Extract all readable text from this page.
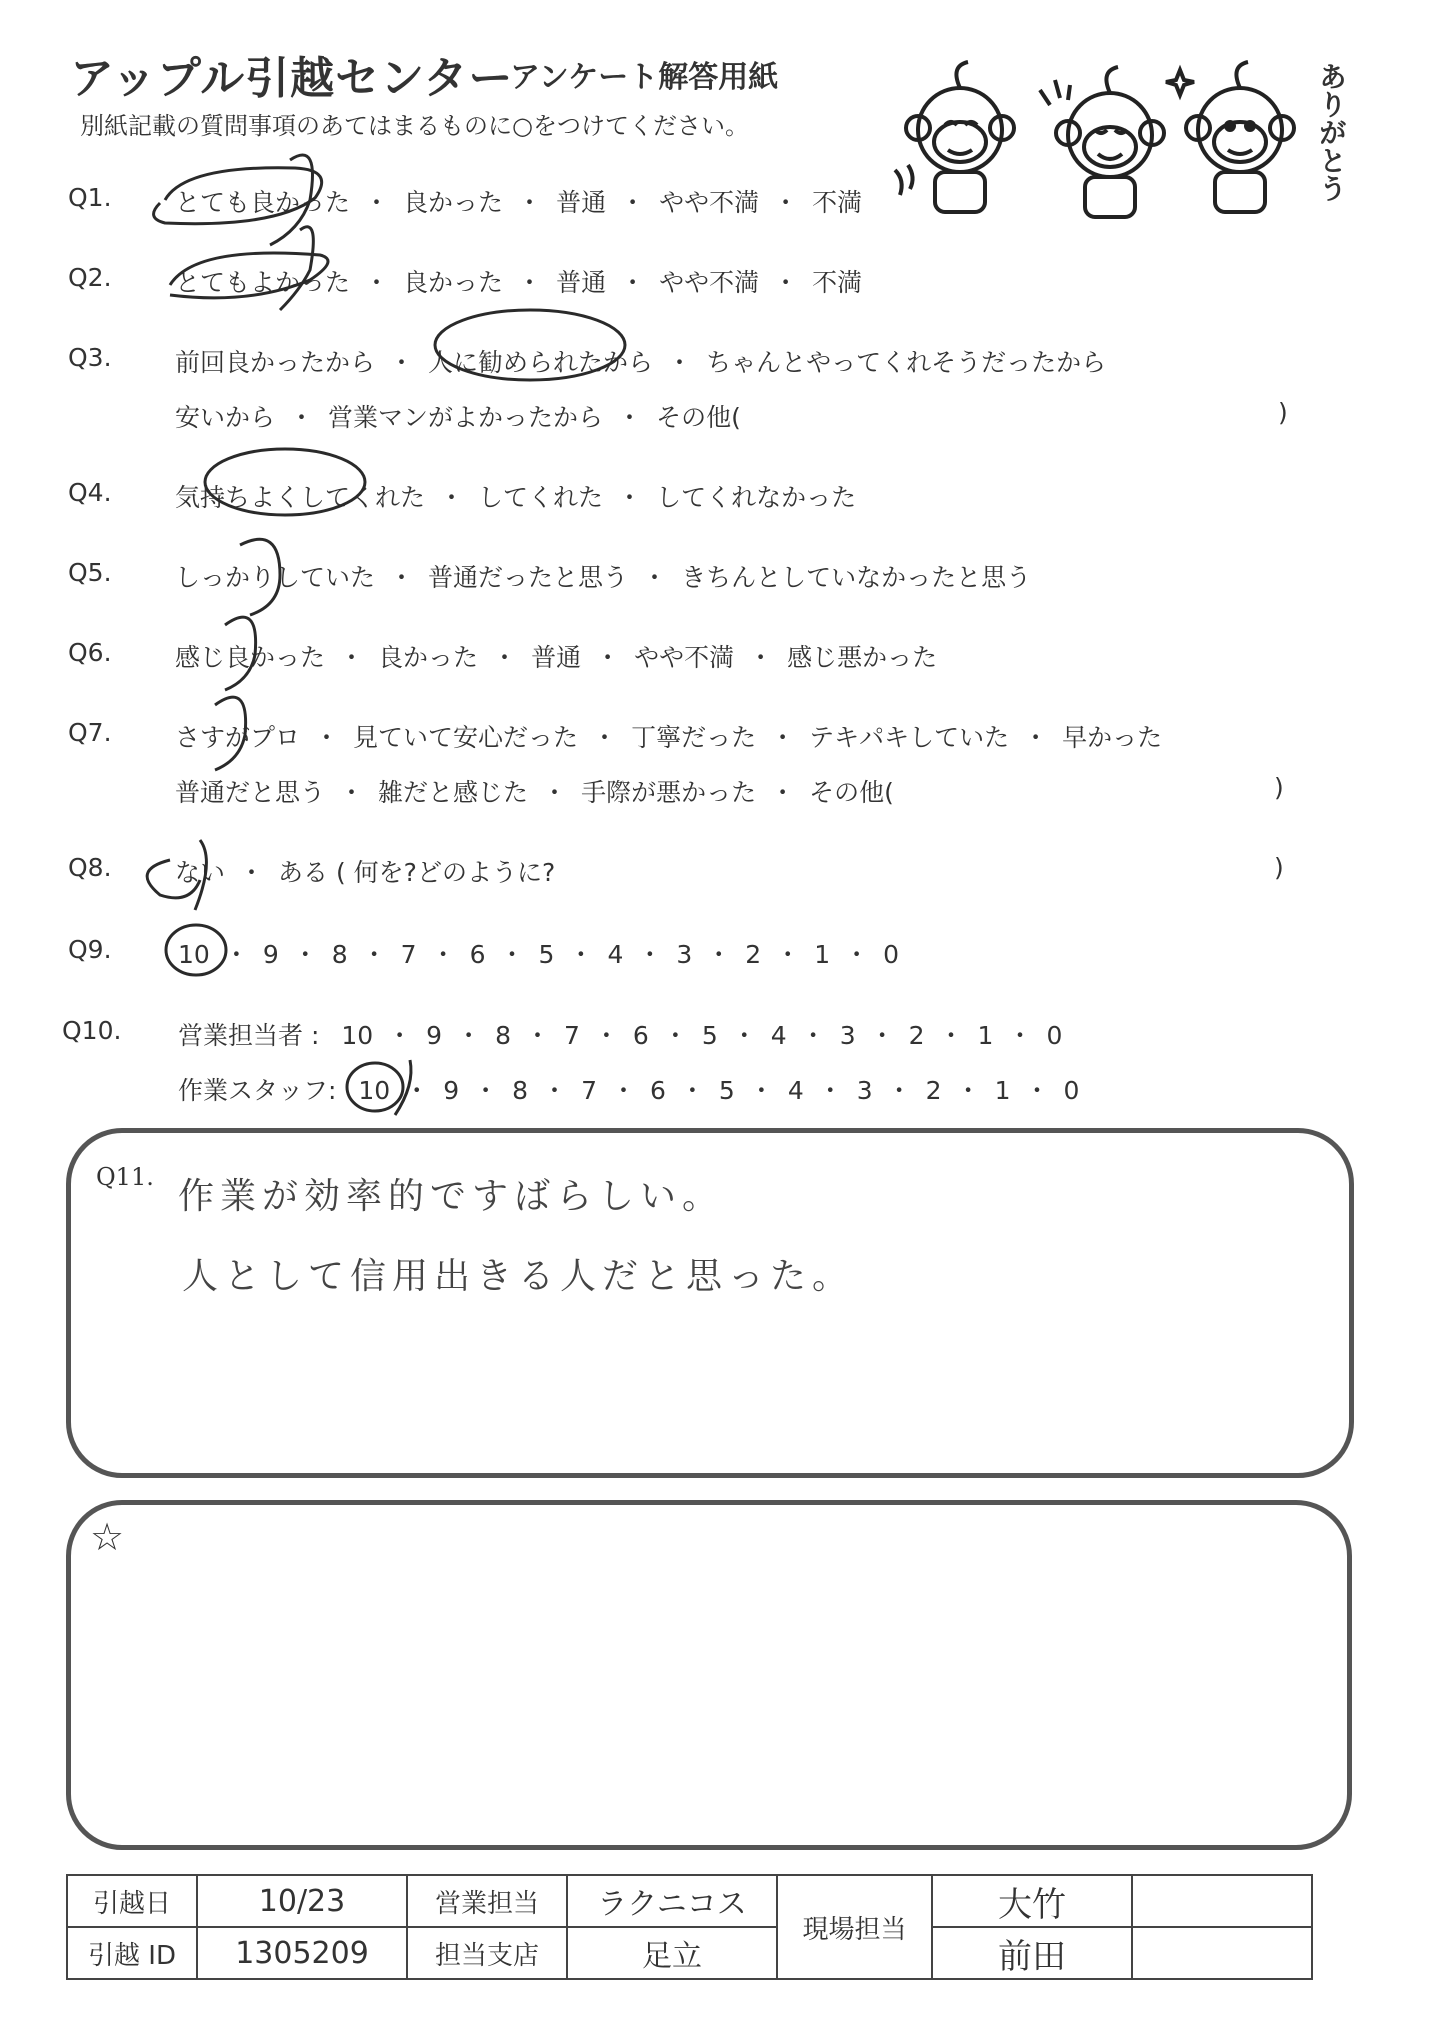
アップル引越センター
アンケート解答用紙
別紙記載の質問事項のあてはまるものに○をつけてください。	ありがとう
Q1.	とても良かった ・ 良かった ・ 普通 ・ やや不満 ・ 不満
Q2.	とてもよかった ・ 良かった ・ 普通 ・ やや不満 ・ 不満
Q3.	前回良かったから ・ 人に勧められたから ・ ちゃんとやってくれそうだったから
安いから ・ 営業マンがよかったから ・ その他(	)
Q4.	気持ちよくしてくれた ・ してくれた ・ してくれなかった
Q5.	しっかりしていた ・ 普通だったと思う ・ きちんとしていなかったと思う
Q6.	感じ良かった ・ 良かった ・ 普通 ・ やや不満 ・ 感じ悪かった
Q7.	さすがプロ ・ 見ていて安心だった ・ 丁寧だった ・ テキパキしていた ・ 早かった
普通だと思う ・ 雑だと感じた ・ 手際が悪かった ・ その他(	)
Q8.	ない ・ ある ( 何を?どのように?	)
Q9.	10 ・ 9 ・ 8 ・ 7 ・ 6 ・ 5 ・ 4 ・ 3 ・ 2 ・ 1 ・ 0
Q10. 営業担当者 : 10 ・ 9 ・ 8 ・ 7 ・ 6 ・ 5 ・ 4 ・ 3 ・ 2 ・ 1 ・ 0
作業スタッフ: 10 ・ 9 ・ 8 ・ 7 ・ 6 ・ 5 ・ 4 ・ 3 ・ 2 ・ 1 ・ 0
Q11. 作業が効率的ですばらしい。
人として信用出きる人だと思った。
☆
引越日	10/23	営業担当	ラクニコス	現場担当	大竹	
引越 ID	1305209	担当支店	足立		前田	
